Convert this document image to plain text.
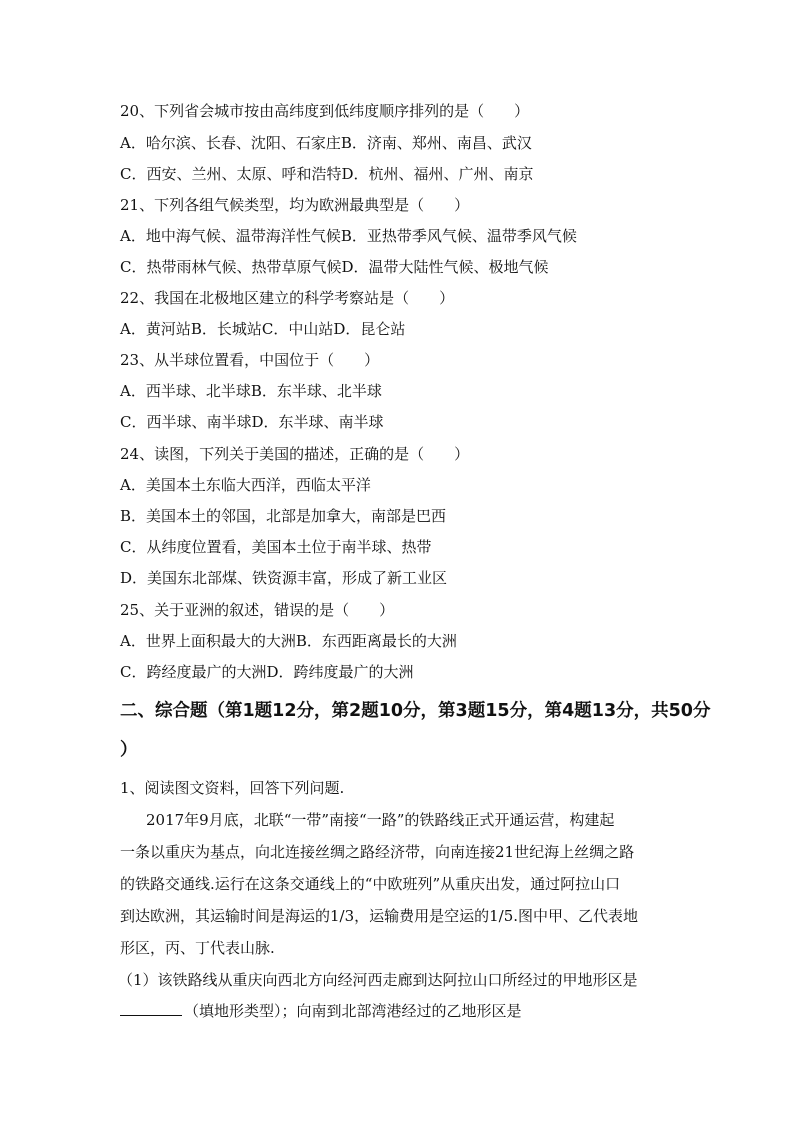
20、下列省会城市按由高纬度到低纬度顺序排列的是（　　）

A．哈尔滨、长春、沈阳、石家庄B．济南、郑州、南昌、武汉

C．西安、兰州、太原、呼和浩特D．杭州、福州、广州、南京

21、下列各组气候类型，均为欧洲最典型是（　　）

A．地中海气候、温带海洋性气候B．亚热带季风气候、温带季风气候

C．热带雨林气候、热带草原气候D．温带大陆性气候、极地气候

22、我国在北极地区建立的科学考察站是（　　）

A．黄河站B．长城站C．中山站D．昆仑站

23、从半球位置看，中国位于（　　）

A．西半球、北半球B．东半球、北半球

C．西半球、南半球D．东半球、南半球

24、读图，下列关于美国的描述，正确的是（　　）

A．美国本土东临大西洋，西临太平洋

B．美国本土的邻国，北部是加拿大，南部是巴西

C．从纬度位置看，美国本土位于南半球、热带

D．美国东北部煤、铁资源丰富，形成了新工业区

25、关于亚洲的叙述，错误的是（　　）

A．世界上面积最大的大洲B．东西距离最长的大洲

C．跨经度最广的大洲D．跨纬度最广的大洲

二、综合题（第1题12分，第2题10分，第3题15分，第4题13分，共50分

）

1、阅读图文资料，回答下列问题.

2017年9月底，北联“一带”南接“一路”的铁路线正式开通运营，构建起

一条以重庆为基点，向北连接丝绸之路经济带，向南连接21世纪海上丝绸之路

的铁路交通线.运行在这条交通线上的“中欧班列”从重庆出发，通过阿拉山口

到达欧洲，其运输时间是海运的1/3，运输费用是空运的1/5.图中甲、乙代表地

形区，丙、丁代表山脉.

（1）该铁路线从重庆向西北方向经河西走廊到达阿拉山口所经过的甲地形区是

（填地形类型）；向南到北部湾港经过的乙地形区是
